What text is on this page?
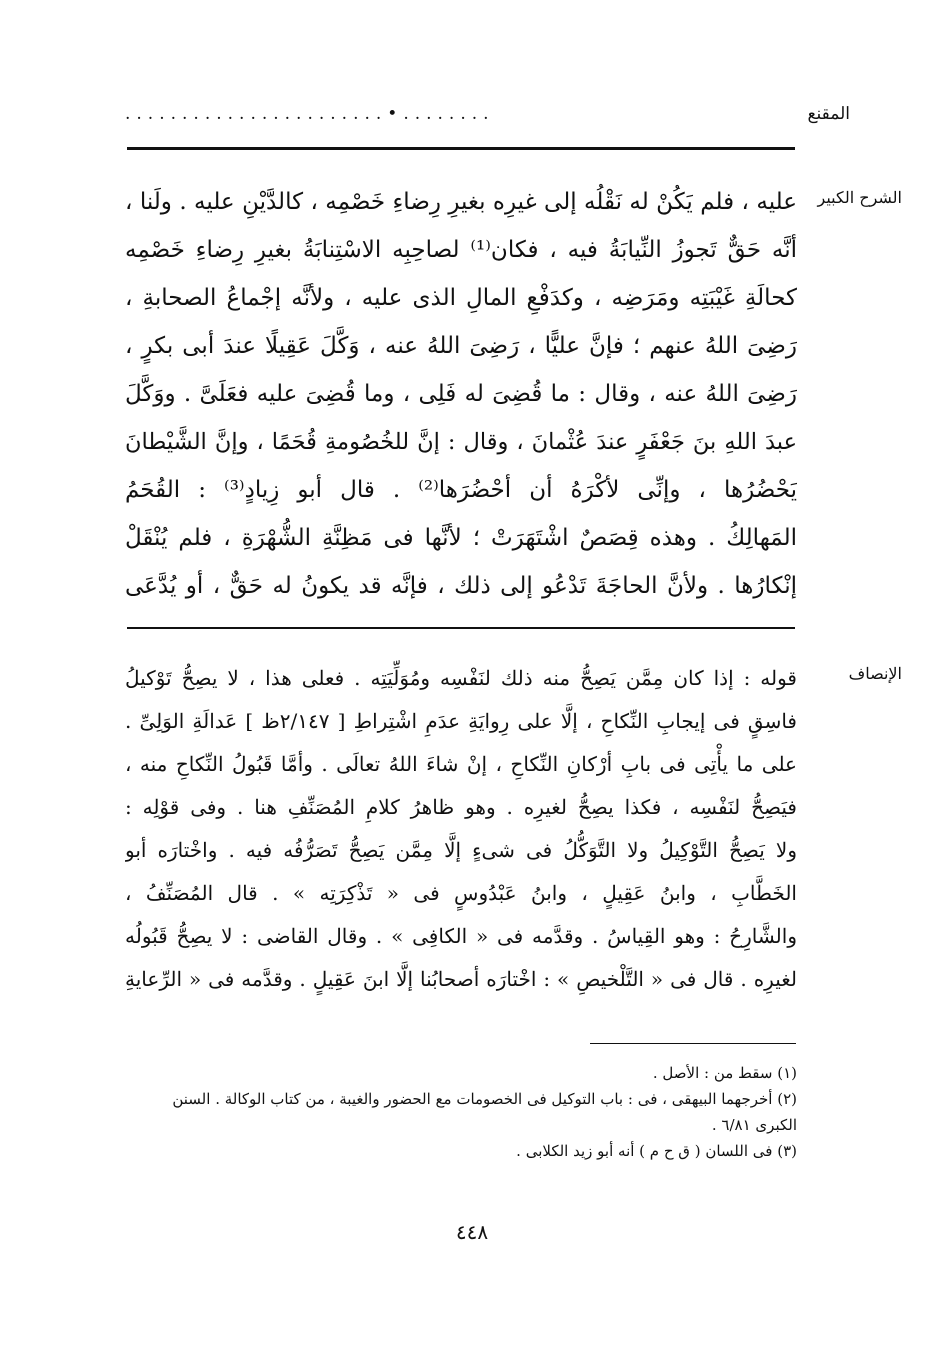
المقنع
........•.......................
الشرح الكبير
عليه ، فلم يَكُنْ له نَقْلُه إلى غيرِه بغيرِ رِضاءِ خَصْمِه ، كالدَّيْنِ عليه . ولَنا ،
أنَّه حَقٌّ تَجوزُ النِّيابَةُ فيه ، فكان⁽¹⁾ لصاحِبِه الاسْتِنابَةُ بغيرِ رِضاءِ خَصْمِه
كحالَةِ غَيْبَتِه ومَرَضِه ، وكدَفْعِ المالِ الذى عليه ، ولأنَّه إجْماعُ الصحابةِ ،
رَضِىَ اللهُ عنهم ؛ فإنَّ عليًّا ، رَضِىَ اللهُ عنه ، وَكَّلَ عَقِيلًا عندَ أبى بكرٍ ،
رَضِىَ اللهُ عنه ، وقال : ما قُضِىَ له فَلِى ، وما قُضِىَ عليه فعَلَىَّ . ووَكَّلَ
عبدَ اللهِ بنَ جَعْفَرٍ عندَ عُثْمانَ ، وقال : إنَّ للخُصُومةِ قُحَمًا ، وإنَّ الشَّيْطانَ
يَحْضُرُها ، وإنِّى لأكْرَهُ أن أحْضُرَها⁽²⁾ . قال أبو زِيادٍ⁽³⁾ : القُحَمُ
المَهالِكُ . وهذه قِصَصٌ اشْتَهَرَتْ ؛ لأنَّها فى مَظِنَّةِ الشُّهْرَةِ ، فلم يُنْقَلْ
إنْكارُها . ولأنَّ الحاجَةَ تَدْعُو إلى ذلك ، فإنَّه قد يكونُ له حَقٌّ ، أو يُدَّعَى
الإنصاف
قوله : إذا كان مِمَّن يَصِحُّ منه ذلك لنَفْسِه ومُوَلِّيَتِه . فعلى هذا ، لا يصِحُّ تَوْكيلُ
فاسِقٍ فى إيجابِ النِّكاحِ ، إلَّا على رِوايَةِ عدَمِ اشْتِراطِ [ ٢/١٤٧ظ ] عَدالَةِ الوَلِىِّ .
على ما يأْتِى فى بابِ أرْكانِ النِّكاحِ ، إنْ شاءَ اللهُ تعالَى . وأمَّا قَبُولُ النِّكاحِ منه ،
فيَصِحُّ لنَفْسِه ، فكذا يصِحُّ لغيرِه . وهو ظاهرُ كلامِ المُصَنِّفِ هنا . وفى قوْلِه :
ولا يَصِحُّ التَّوْكِيلُ ولا التَّوَكُّلُ فى شىءٍ إلَّا مِمَّن يَصِحُّ تَصَرُّفُه فيه . واخْتارَه أبو
الخَطَّابِ ، وابنُ عَقِيلٍ ، وابنُ عَبْدُوسٍ فى « تَذْكِرَتِه » . قال المُصَنِّفُ ،
والشَّارِحُ : وهو القِياسُ . وقدَّمه فى « الكافِى » . وقال القاضى : لا يصِحُّ قَبُولُه
لغيرِه . قال فى « التَّلْخيصِ » : اخْتارَه أصحابُنا إلَّا ابنَ عَقِيلٍ . وقدَّمه فى « الرِّعايةِ
(١) سقط من : الأصل .
(٢) أخرجهما البيهقى ، فى : باب التوكيل فى الخصومات مع الحضور والغيبة ، من كتاب الوكالة . السنن
الكبرى ٦/٨١ .
(٣) فى اللسان ( ق ح م ) أنه أبو زيد الكلابى .
٤٤٨
